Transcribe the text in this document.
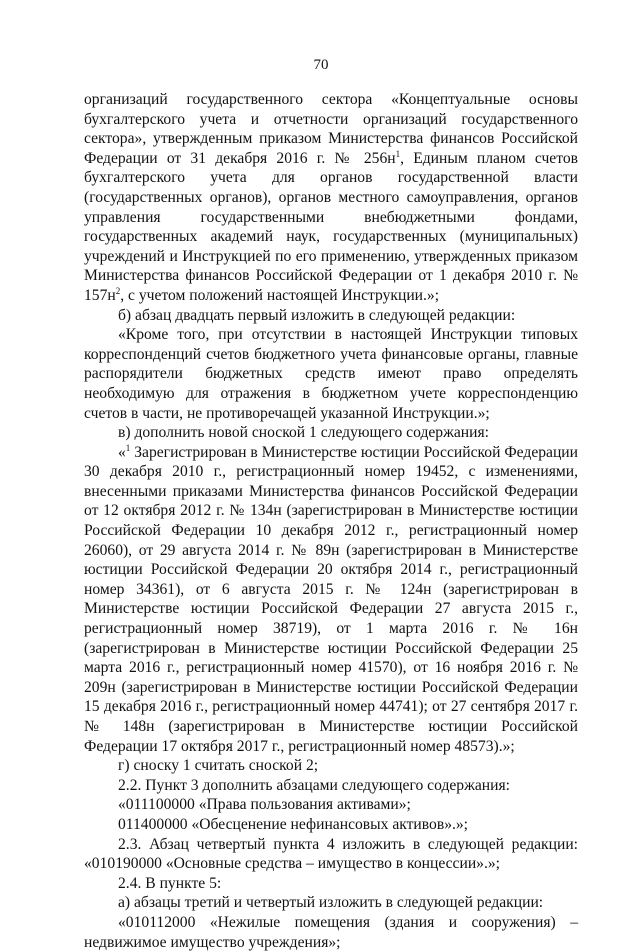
70

организаций государственного сектора «Концептуальные основы бухгалтерского учета и отчетности организаций государственного сектора», утвержденным приказом Министерства финансов Российской Федерации от 31 декабря 2016 г. № $256н^1$, Единым планом счетов бухгалтерского учета для органов государственной власти (государственных органов), органов местного самоуправления, органов управления государственными внебюджетными фондами, государственных академий наук, государственных (муниципальных) учреждений и Инструкцией по его применению, утвержденных приказом Министерства финансов Российской Федерации от 1 декабря 2010 г. № $157н^2$, с учетом положений настоящей Инструкции.»;

б) абзац двадцать первый изложить в следующей редакции:

«Кроме того, при отсутствии в настоящей Инструкции типовых корреспонденций счетов бюджетного учета финансовые органы, главные распорядители бюджетных средств имеют право определять необходимую для отражения в бюджетном учете корреспонденцию счетов в части, не противоречащей указанной Инструкции.»;

в) дополнить новой сноской 1 следующего содержания:

«$^1$ Зарегистрирован в Министерстве юстиции Российской Федерации 30 декабря 2010 г., регистрационный номер 19452, с изменениями, внесенными приказами Министерства финансов Российской Федерации от 12 октября 2012 г. № 134н (зарегистрирован в Министерстве юстиции Российской Федерации 10 декабря 2012 г., регистрационный номер 26060), от 29 августа 2014 г. № 89н (зарегистрирован в Министерстве юстиции Российской Федерации 20 октября 2014 г., регистрационный номер 34361), от 6 августа 2015 г. № 124н (зарегистрирован в Министерстве юстиции Российской Федерации 27 августа 2015 г., регистрационный номер 38719), от 1 марта 2016 г. № 16н (зарегистрирован в Министерстве юстиции Российской Федерации 25 марта 2016 г., регистрационный номер 41570), от 16 ноября 2016 г. № 209н (зарегистрирован в Министерстве юстиции Российской Федерации 15 декабря 2016 г., регистрационный номер 44741); от 27 сентября 2017 г. № 148н (зарегистрирован в Министерстве юстиции Российской Федерации 17 октября 2017 г., регистрационный номер 48573).»;

г) сноску 1 считать сноской 2;

2.2. Пункт 3 дополнить абзацами следующего содержания:

«011100000 «Права пользования активами»;

011400000 «Обесценение нефинансовых активов».»;

2.3. Абзац четвертый пункта 4 изложить в следующей редакции: «010190000 «Основные средства – имущество в концессии».»;

2.4. В пункте 5:

а) абзацы третий и четвертый изложить в следующей редакции:

«010112000 «Нежилые помещения (здания и сооружения) – недвижимое имущество учреждения»;
